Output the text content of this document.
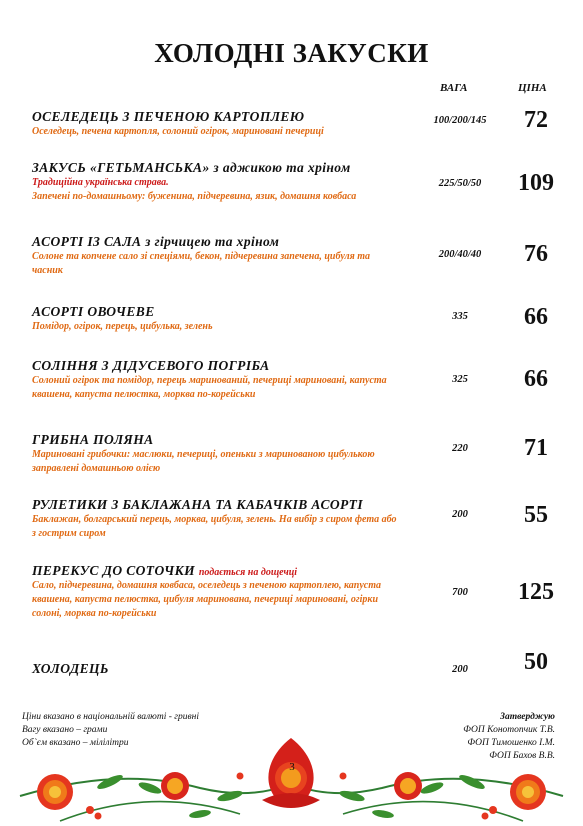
ХОЛОДНІ ЗАКУСКИ
ВАГА	ЦІНА
ОСЕЛЕДЕЦЬ З ПЕЧЕНОЮ КАРТОПЛЕЮ
Оселедець, печена картопля, солоний огірок, мариновані печериці
100/200/145	72
ЗАКУСЬ «ГЕТЬМАНСЬКА» з аджикою та хріном
Традиційна українська страва.
Запечені по-домашньому: буженина, підчеревина, язик, домашня ковбаса
225/50/50	109
АСОРТІ ІЗ САЛА з гірчицею та хріном
Солоне та копчене сало зі спеціями, бекон, підчеревина запечена, цибуля та часник
200/40/40	76
АСОРТІ ОВОЧЕВЕ
Помідор, огірок, перець, цибулька, зелень
335	66
СОЛІННЯ З ДІДУСЕВОГО ПОГРІБА
Солоний огірок та помідор, перець маринований, печериці мариновані, капуста квашена, капуста пелюстка, морква по-корейськи
325	66
ГРИБНА ПОЛЯНА
Мариновані грибочки: маслюки, печериці, опеньки з маринованою цибулькою заправлені домашньою олією
220	71
РУЛЕТИКИ З БАКЛАЖАНА ТА КАБАЧКІВ АСОРТІ
Баклажан, болгарський перець, морква, цибуля, зелень. На вибір з сиром фета або з гострим сиром
200	55
ПЕРЕКУС ДО СОТОЧКИ подається на дощечці
Сало, підчеревина, домашня ковбаса, оселедець з печеною картоплею, капуста квашена, капуста пелюстка, цибуля маринована, печериці мариновані, огірки солоні, морква по-корейськи
700	125
ХОЛОДЕЦЬ	200	50
3
Ціни вказано в національній валюті - гривні
Вагу вказано – грами
Об`єм вказано – мілілітри
Затверджую
ФОП Конотопчик Т.В.
ФОП Тимошенко І.М.
ФОП Бахов В.В.
